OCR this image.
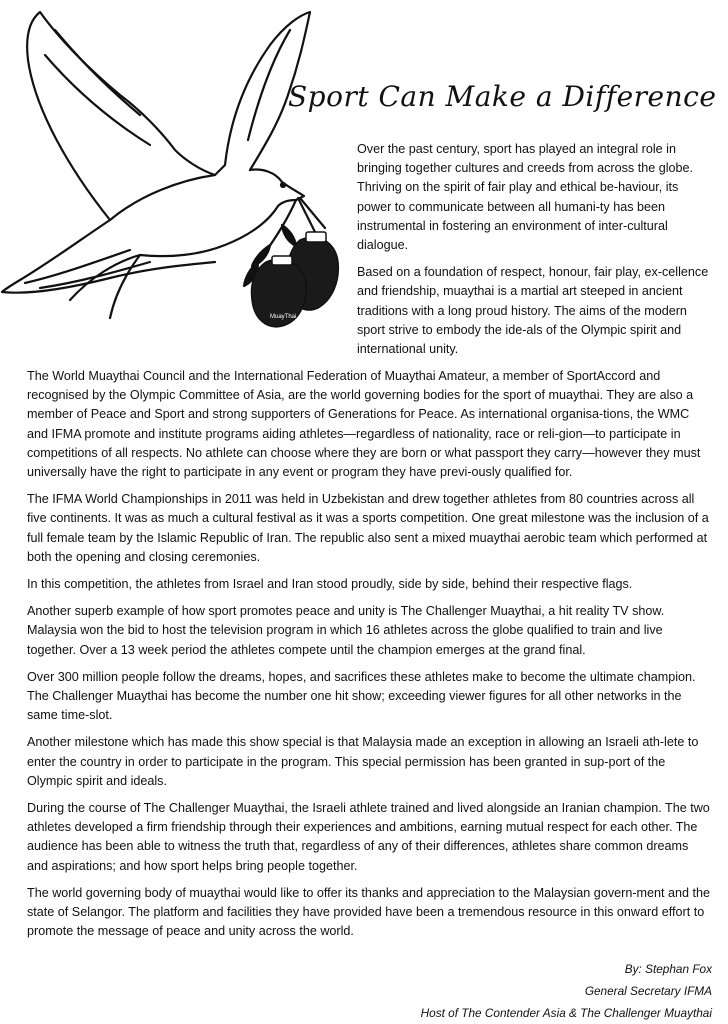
MuayThai
Sport Can Make a Difference

Over the past century, sport has played an integral role in bringing together cultures and creeds from across the globe. Thriving on the spirit of fair play and ethical be-haviour, its power to communicate between all humani-ty has been instrumental in fostering an environment of inter-cultural dialogue.

Based on a foundation of respect, honour, fair play, ex-cellence and friendship, muaythai is a martial art steeped in ancient traditions with a long proud history. The aims of the modern sport strive to embody the ide-als of the Olympic spirit and international unity.

The World Muaythai Council and the International Federation of Muaythai Amateur, a member of SportAccord and recognised by the Olympic Committee of Asia, are the world governing bodies for the sport of muaythai. They are also a member of Peace and Sport and strong supporters of Generations for Peace. As international organisa-tions, the WMC and IFMA promote and institute programs aiding athletes—regardless of nationality, race or reli-gion—to participate in competitions of all respects. No athlete can choose where they are born or what passport they carry—however they must universally have the right to participate in any event or program they have previ-ously qualified for.

The IFMA World Championships in 2011 was held in Uzbekistan and drew together athletes from 80 countries across all five continents. It was as much a cultural festival as it was a sports competition. One great milestone was the inclusion of a full female team by the Islamic Republic of Iran. The republic also sent a mixed muaythai aerobic team which performed at both the opening and closing ceremonies.

In this competition, the athletes from Israel and Iran stood proudly, side by side, behind their respective flags.

Another superb example of how sport promotes peace and unity is The Challenger Muaythai, a hit reality TV show. Malaysia won the bid to host the television program in which 16 athletes across the globe qualified to train and live together. Over a 13 week period the athletes compete until the champion emerges at the grand final.

Over 300 million people follow the dreams, hopes, and sacrifices these athletes make to become the ultimate champion. The Challenger Muaythai has become the number one hit show; exceeding viewer figures for all other networks in the same time-slot.

Another milestone which has made this show special is that Malaysia made an exception in allowing an Israeli ath-lete to enter the country in order to participate in the program. This special permission has been granted in sup-port of the Olympic spirit and ideals.

During the course of The Challenger Muaythai, the Israeli athlete trained and lived alongside an Iranian champion. The two athletes developed a firm friendship through their experiences and ambitions, earning mutual respect for each other. The audience has been able to witness the truth that, regardless of any of their differences, athletes share common dreams and aspirations; and how sport helps bring people together.

The world governing body of muaythai would like to offer its thanks and appreciation to the Malaysian govern-ment and the state of Selangor. The platform and facilities they have provided have been a tremendous resource in this onward effort to promote the message of peace and unity across the world.

By: Stephan Fox
General Secretary IFMA
Host of The Contender Asia & The Challenger Muaythai
